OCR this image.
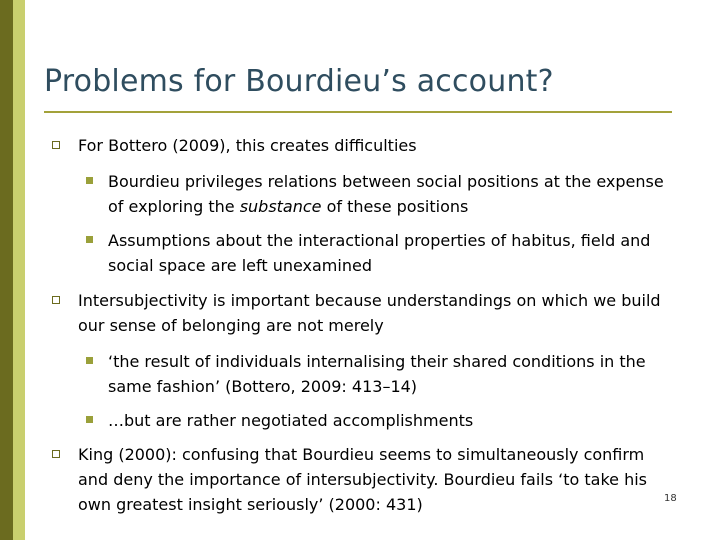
Problems for Bourdieu’s account?
For Bottero (2009), this creates difficulties
Bourdieu privileges relations between social positions at the expense of exploring the substance of these positions
Assumptions about the interactional properties of habitus, field and social space are left unexamined
Intersubjectivity is important because understandings on which we build our sense of belonging are not merely
‘the result of individuals internalising their shared conditions in the same fashion’ (Bottero, 2009: 413–14)
…but are rather negotiated accomplishments
King (2000): confusing that Bourdieu seems to simultaneously confirm and deny the importance of intersubjectivity. Bourdieu fails ‘to take his own greatest insight seriously’ (2000: 431)	18
